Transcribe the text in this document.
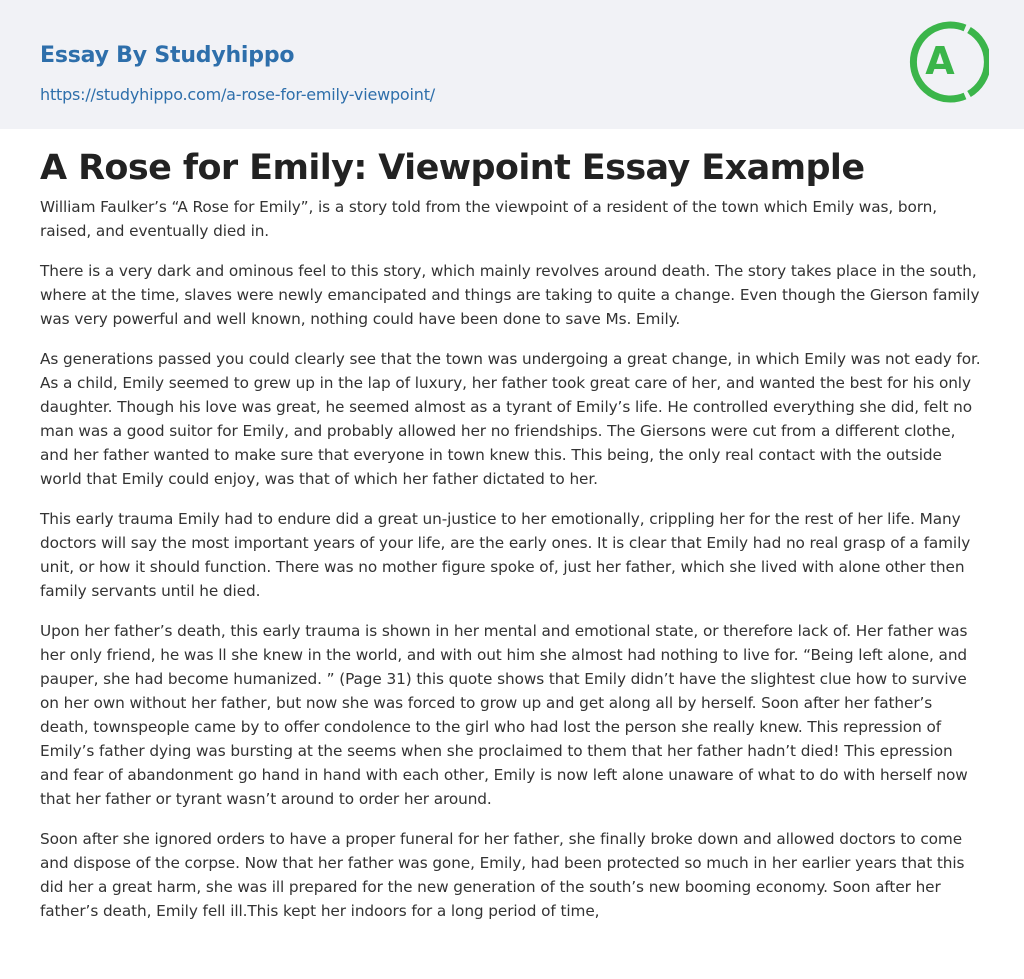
Essay By Studyhippo
https://studyhippo.com/a-rose-for-emily-viewpoint/
A
A Rose for Emily: Viewpoint Essay Example

William Faulker’s “A Rose for Emily”, is a story told from the viewpoint of a resident of the town which Emily was, born, raised, and eventually died in.

There is a very dark and ominous feel to this story, which mainly revolves around death. The story takes place in the south, where at the time, slaves were newly emancipated and things are taking to quite a change. Even though the Gierson family was very powerful and well known, nothing could have been done to save Ms. Emily.

As generations passed you could clearly see that the town was undergoing a great change, in which Emily was not eady for. As a child, Emily seemed to grew up in the lap of luxury, her father took great care of her, and wanted the best for his only daughter. Though his love was great, he seemed almost as a tyrant of Emily’s life. He controlled everything she did, felt no man was a good suitor for Emily, and probably allowed her no friendships. The Giersons were cut from a different clothe, and her father wanted to make sure that everyone in town knew this. This being, the only real contact with the outside world that Emily could enjoy, was that of which her father dictated to her.

This early trauma Emily had to endure did a great un-justice to her emotionally, crippling her for the rest of her life. Many doctors will say the most important years of your life, are the early ones. It is clear that Emily had no real grasp of a family unit, or how it should function. There was no mother figure spoke of, just her father, which she lived with alone other then family servants until he died.

Upon her father’s death, this early trauma is shown in her mental and emotional state, or therefore lack of. Her father was her only friend, he was ll she knew in the world, and with out him she almost had nothing to live for. “Being left alone, and pauper, she had become humanized. ” (Page 31) this quote shows that Emily didn’t have the slightest clue how to survive on her own without her father, but now she was forced to grow up and get along all by herself. Soon after her father’s death, townspeople came by to offer condolence to the girl who had lost the person she really knew. This repression of Emily’s father dying was bursting at the seems when she proclaimed to them that her father hadn’t died! This epression and fear of abandonment go hand in hand with each other, Emily is now left alone unaware of what to do with herself now that her father or tyrant wasn’t around to order her around.

Soon after she ignored orders to have a proper funeral for her father, she finally broke down and allowed doctors to come and dispose of the corpse. Now that her father was gone, Emily, had been protected so much in her earlier years that this did her a great harm, she was ill prepared for the new generation of the south’s new booming economy. Soon after her father’s death, Emily fell ill.This kept her indoors for a long period of time,
